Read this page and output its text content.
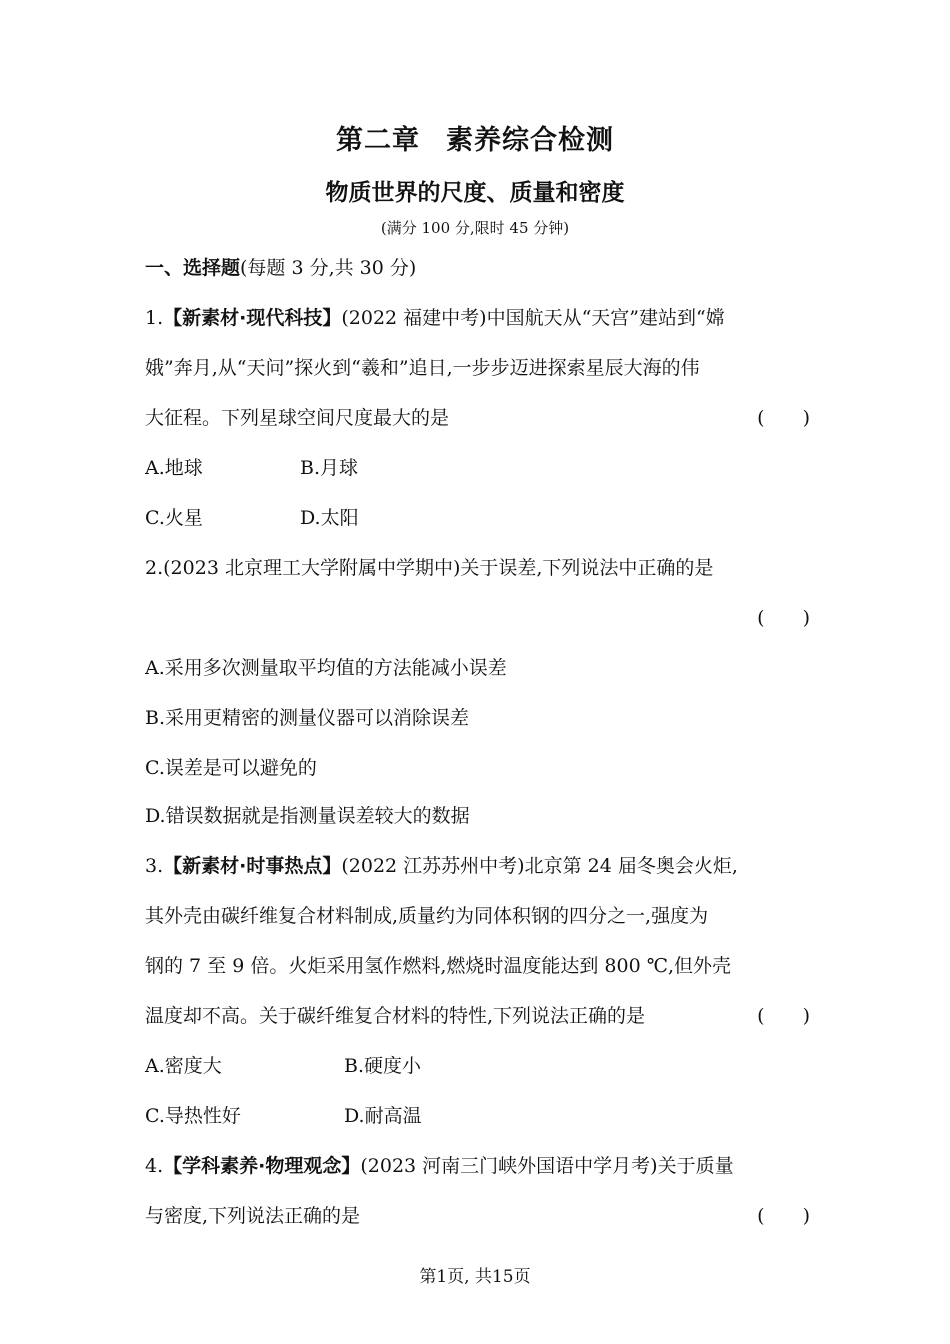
第二章 素养综合检测
物质世界的尺度、质量和密度
(满分 100 分,限时 45 分钟)
一、选择题(每题 3 分,共 30 分)
1.【新素材·现代科技】(2022 福建中考)中国航天从“天宫”建站到“嫦
娥”奔月,从“天问”探火到“羲和”追日,一步步迈进探索星辰大海的伟
大征程。下列星球空间尺度最大的是	(　　)
A.地球	B.月球
C.火星	D.太阳
2.(2023 北京理工大学附属中学期中)关于误差,下列说法中正确的是
(　　)
A.采用多次测量取平均值的方法能减小误差
B.采用更精密的测量仪器可以消除误差
C.误差是可以避免的
D.错误数据就是指测量误差较大的数据
3.【新素材·时事热点】(2022 江苏苏州中考)北京第 24 届冬奥会火炬,
其外壳由碳纤维复合材料制成,质量约为同体积钢的四分之一,强度为
钢的 7 至 9 倍。火炬采用氢作燃料,燃烧时温度能达到 800 ℃,但外壳
温度却不高。关于碳纤维复合材料的特性,下列说法正确的是	(　　)
A.密度大	B.硬度小
C.导热性好	D.耐高温
4.【学科素养·物理观念】(2023 河南三门峡外国语中学月考)关于质量
与密度,下列说法正确的是	(　　)
第1页, 共15页
